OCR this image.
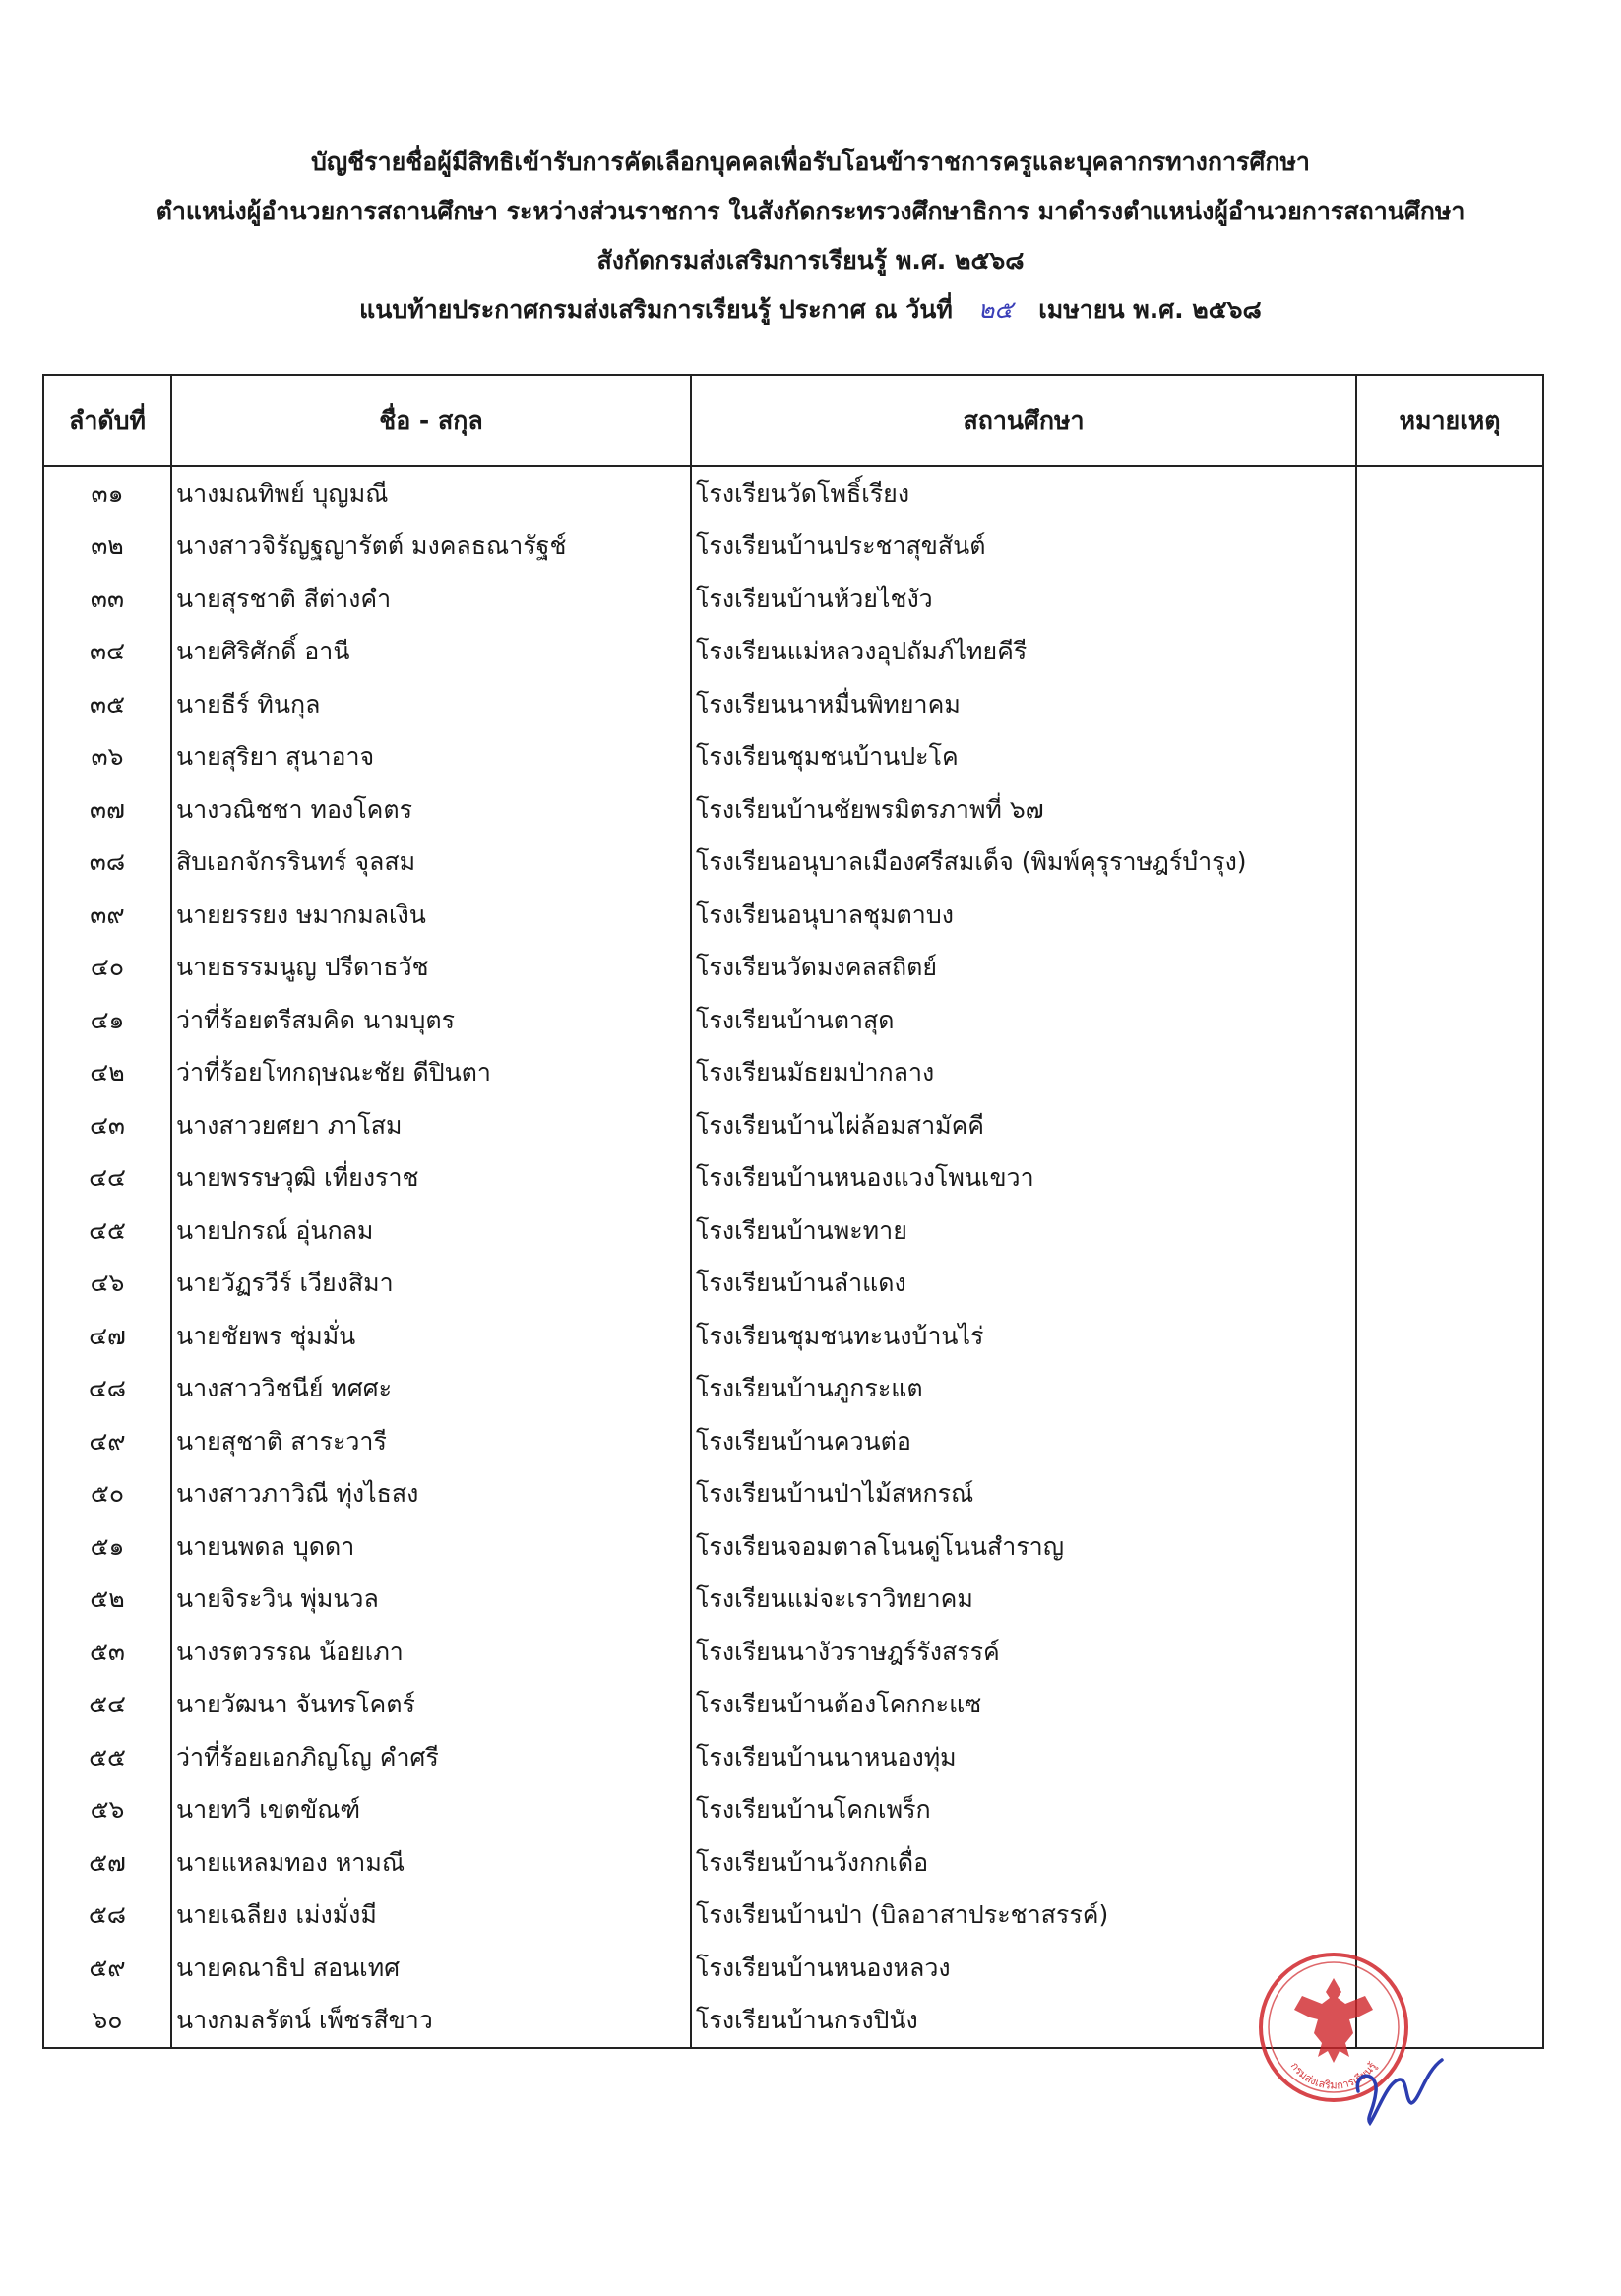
บัญชีรายชื่อผู้มีสิทธิเข้ารับการคัดเลือกบุคคลเพื่อรับโอนข้าราชการครูและบุคลากรทางการศึกษา
ตำแหน่งผู้อำนวยการสถานศึกษา ระหว่างส่วนราชการ ในสังกัดกระทรวงศึกษาธิการ มาดำรงตำแหน่งผู้อำนวยการสถานศึกษา
สังกัดกรมส่งเสริมการเรียนรู้ พ.ศ. ๒๕๖๘
แนบท้ายประกาศกรมส่งเสริมการเรียนรู้ ประกาศ ณ วันที่ ๒๕ เมษายน พ.ศ. ๒๕๖๘
ลำดับที่	ชื่อ - สกุล	สถานศึกษา	หมายเหตุ
๓๑	นางมณทิพย์ บุญมณี	โรงเรียนวัดโพธิ์เรียง	
๓๒	นางสาวจิรัญฐญารัตต์ มงคลธณารัฐช์	โรงเรียนบ้านประชาสุขสันต์	
๓๓	นายสุรชาติ สีต่างคำ	โรงเรียนบ้านห้วยไชงัว	
๓๔	นายศิริศักดิ์ อานี	โรงเรียนแม่หลวงอุปถัมภ์ไทยคีรี	
๓๕	นายธีร์ ทินกุล	โรงเรียนนาหมื่นพิทยาคม	
๓๖	นายสุริยา สุนาอาจ	โรงเรียนชุมชนบ้านปะโค	
๓๗	นางวณิชชา ทองโคตร	โรงเรียนบ้านชัยพรมิตรภาพที่ ๖๗	
๓๘	สิบเอกจักรรินทร์ จุลสม	โรงเรียนอนุบาลเมืองศรีสมเด็จ (พิมพ์คุรุราษฎร์บำรุง)	
๓๙	นายยรรยง ษมากมลเงิน	โรงเรียนอนุบาลชุมตาบง	
๔๐	นายธรรมนูญ ปรีดาธวัช	โรงเรียนวัดมงคลสถิตย์	
๔๑	ว่าที่ร้อยตรีสมคิด นามบุตร	โรงเรียนบ้านตาสุด	
๔๒	ว่าที่ร้อยโทกฤษณะชัย ดีปินตา	โรงเรียนมัธยมป่ากลาง	
๔๓	นางสาวยศยา ภาโสม	โรงเรียนบ้านไผ่ล้อมสามัคคี	
๔๔	นายพรรษวุฒิ เที่ยงราช	โรงเรียนบ้านหนองแวงโพนเขวา	
๔๕	นายปกรณ์ อุ่นกลม	โรงเรียนบ้านพะทาย	
๔๖	นายวัฏรวีร์ เวียงสิมา	โรงเรียนบ้านลำแดง	
๔๗	นายชัยพร ชุ่มมั่น	โรงเรียนชุมชนทะนงบ้านไร่	
๔๘	นางสาววิชนีย์ ทศศะ	โรงเรียนบ้านภูกระแต	
๔๙	นายสุชาติ สาระวารี	โรงเรียนบ้านควนต่อ	
๕๐	นางสาวภาวิณี ทุ่งไธสง	โรงเรียนบ้านป่าไม้สหกรณ์	
๕๑	นายนพดล บุดดา	โรงเรียนจอมตาลโนนดู่โนนสำราญ	
๕๒	นายจิระวิน พุ่มนวล	โรงเรียนแม่จะเราวิทยาคม	
๕๓	นางรตวรรณ น้อยเภา	โรงเรียนนางัวราษฎร์รังสรรค์	
๕๔	นายวัฒนา จันทรโคตร์	โรงเรียนบ้านต้องโคกกะแซ	
๕๕	ว่าที่ร้อยเอกภิญโญ คำศรี	โรงเรียนบ้านนาหนองทุ่ม	
๕๖	นายทวี เขตขัณฑ์	โรงเรียนบ้านโคกเพร็ก	
๕๗	นายแหลมทอง หามณี	โรงเรียนบ้านวังกกเดื่อ	
๕๘	นายเฉลียง เม่งมั่งมี	โรงเรียนบ้านป่า (บิลอาสาประชาสรรค์)	
๕๙	นายคณาธิป สอนเทศ	โรงเรียนบ้านหนองหลวง	
๖๐	นางกมลรัตน์ เพ็ชรสีขาว	โรงเรียนบ้านกรงปินัง	
กรมส่งเสริมการเรียนรู้
